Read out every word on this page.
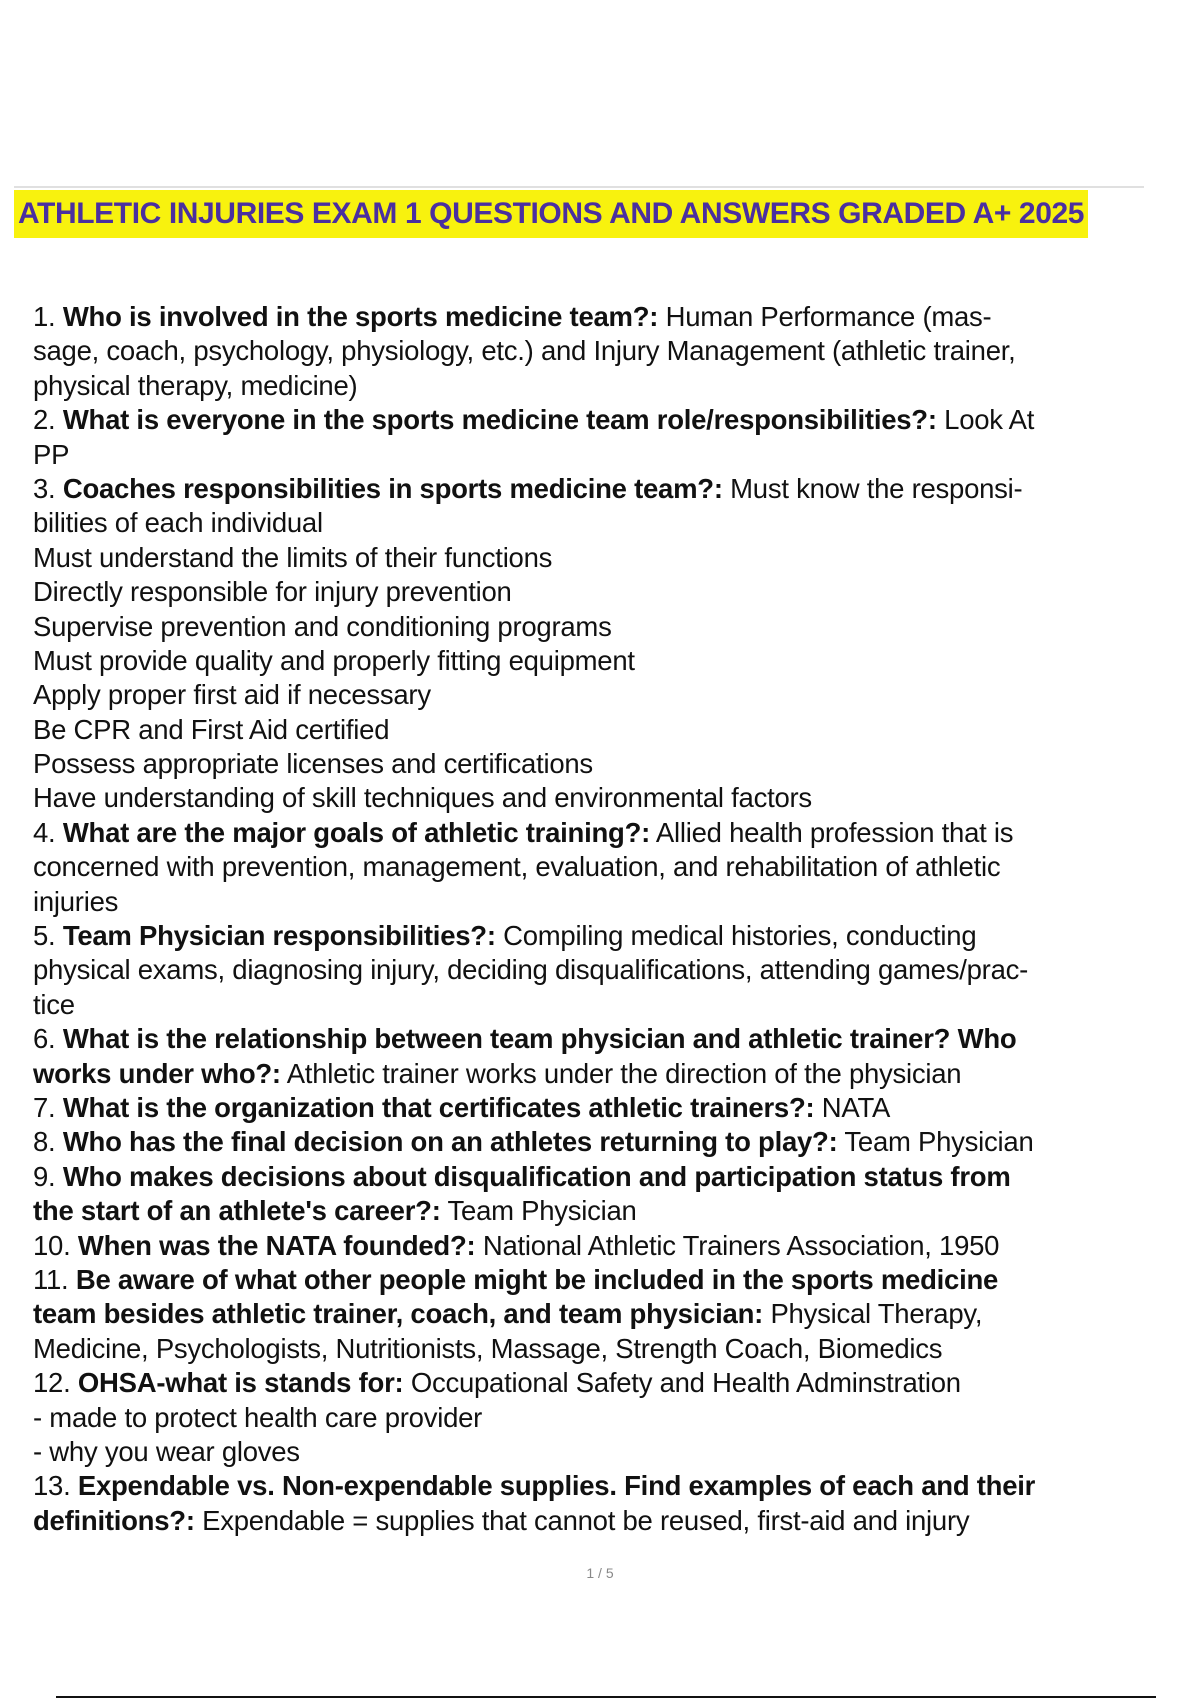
ATHLETIC INJURIES EXAM 1 QUESTIONS AND ANSWERS GRADED A+ 2025
1. Who is involved in the sports medicine team?: Human Performance (mas-
sage, coach, psychology, physiology, etc.) and Injury Management (athletic trainer,
physical therapy, medicine)
2. What is everyone in the sports medicine team role/responsibilities?: Look At
PP
3. Coaches responsibilities in sports medicine team?: Must know the responsi-
bilities of each individual
Must understand the limits of their functions
Directly responsible for injury prevention
Supervise prevention and conditioning programs
Must provide quality and properly fitting equipment
Apply proper first aid if necessary
Be CPR and First Aid certified
Possess appropriate licenses and certifications
Have understanding of skill techniques and environmental factors
4. What are the major goals of athletic training?: Allied health profession that is
concerned with prevention, management, evaluation, and rehabilitation of athletic
injuries
5. Team Physician responsibilities?: Compiling medical histories, conducting
physical exams, diagnosing injury, deciding disqualifications, attending games/prac-
tice
6. What is the relationship between team physician and athletic trainer? Who
works under who?: Athletic trainer works under the direction of the physician
7. What is the organization that certificates athletic trainers?: NATA
8. Who has the final decision on an athletes returning to play?: Team Physician
9. Who makes decisions about disqualification and participation status from
the start of an athlete's career?: Team Physician
10. When was the NATA founded?: National Athletic Trainers Association, 1950
11. Be aware of what other people might be included in the sports medicine
team besides athletic trainer, coach, and team physician: Physical Therapy,
Medicine, Psychologists, Nutritionists, Massage, Strength Coach, Biomedics
12. OHSA-what is stands for: Occupational Safety and Health Adminstration
- made to protect health care provider
- why you wear gloves
13. Expendable vs. Non-expendable supplies. Find examples of each and their
definitions?: Expendable = supplies that cannot be reused, first-aid and injury
1 / 5
